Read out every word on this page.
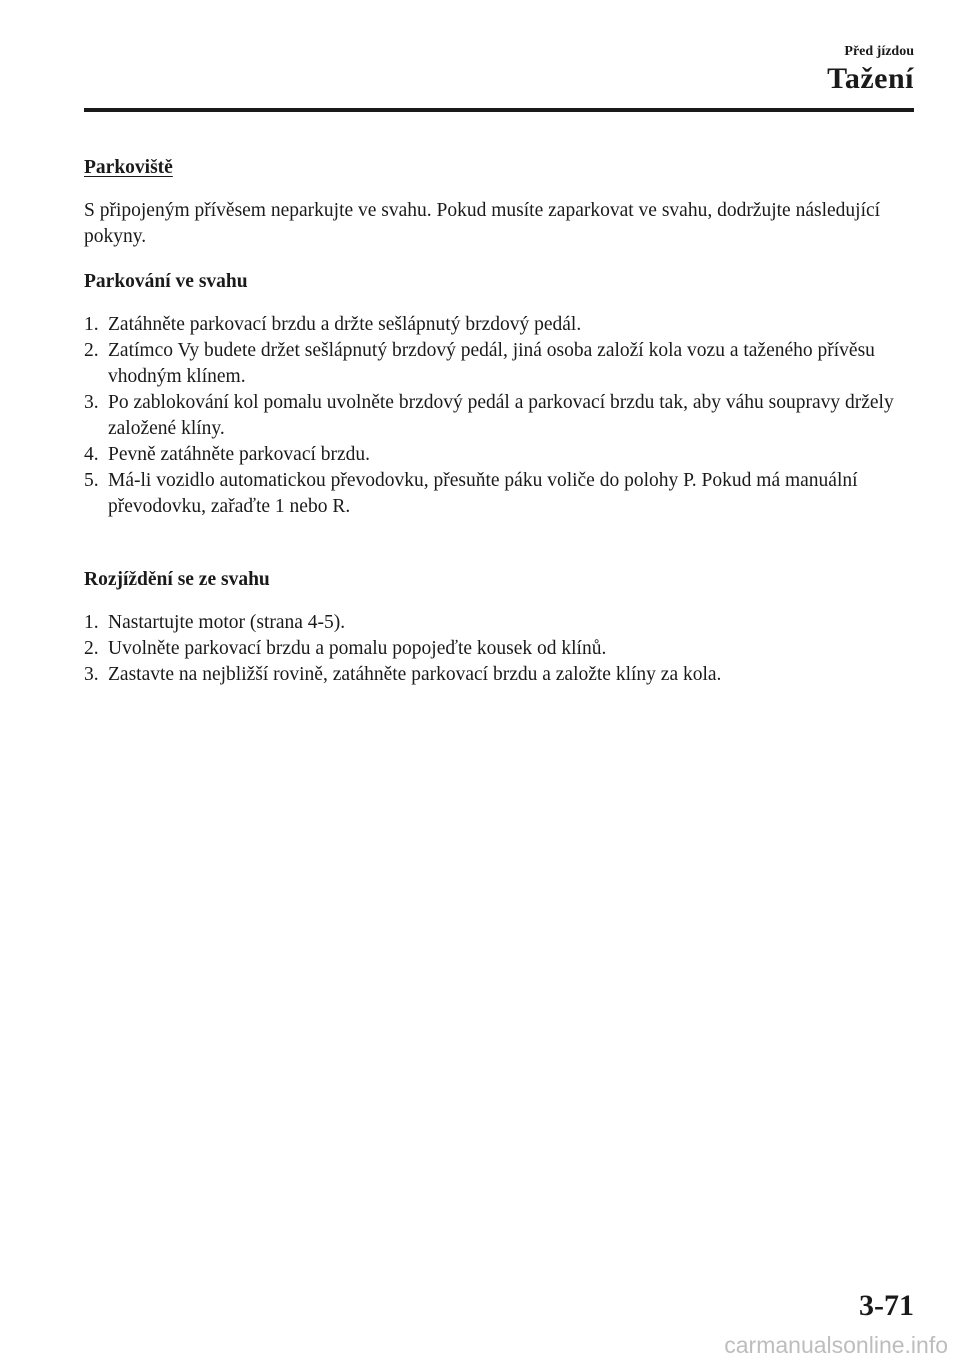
Před jízdou
Tažení

Parkoviště

S připojeným přívěsem neparkujte ve svahu. Pokud musíte zaparkovat ve svahu, dodržujte následující pokyny.

Parkování ve svahu

1. Zatáhněte parkovací brzdu a držte sešlápnutý brzdový pedál.
2. Zatímco Vy budete držet sešlápnutý brzdový pedál, jiná osoba založí kola vozu a taženého přívěsu vhodným klínem.
3. Po zablokování kol pomalu uvolněte brzdový pedál a parkovací brzdu tak, aby váhu soupravy držely založené klíny.
4. Pevně zatáhněte parkovací brzdu.
5. Má-li vozidlo automatickou převodovku, přesuňte páku voliče do polohy P. Pokud má manuální převodovku, zařaďte 1 nebo R.

Rozjíždění se ze svahu

1. Nastartujte motor (strana 4-5).
2. Uvolněte parkovací brzdu a pomalu popojeďte kousek od klínů.
3. Zastavte na nejbližší rovině, zatáhněte parkovací brzdu a založte klíny za kola.
3-71
carmanualsonline.info
